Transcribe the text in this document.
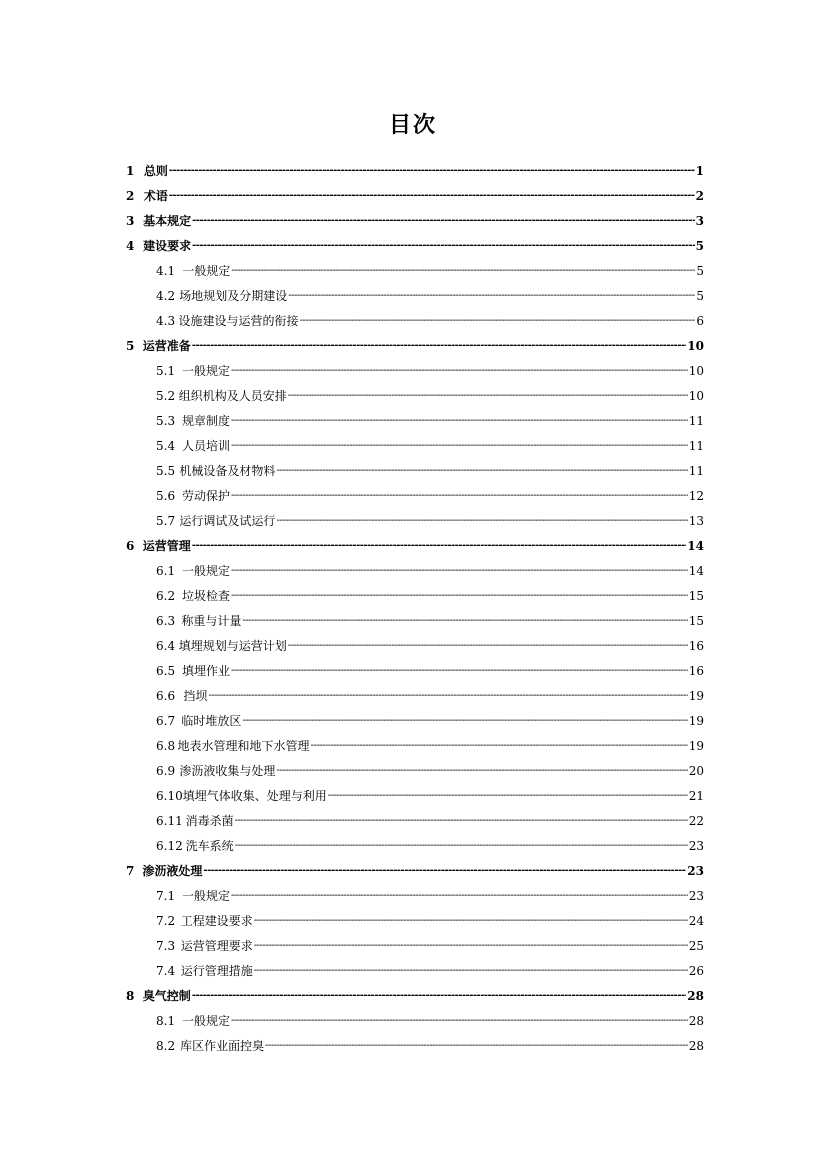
目次
1 总则 -----	1
2 术语 -----	2
3 基本规定 -----	3
4 建设要求 -----	5
4.1 一般规定 -----	5
4.2 场地规划及分期建设 -----	5
4.3 设施建设与运营的衔接 -----	6
5 运营准备 -----	10
5.1 一般规定 -----	10
5.2 组织机构及人员安排 -----	10
5.3 规章制度 -----	11
5.4 人员培训 -----	11
5.5 机械设备及材物料 -----	11
5.6 劳动保护 -----	12
5.7 运行调试及试运行 -----	13
6 运营管理 -----	14
6.1 一般规定 -----	14
6.2 垃圾检查 -----	15
6.3 称重与计量 -----	15
6.4 填埋规划与运营计划 -----	16
6.5 填埋作业 -----	16
6.6 挡坝 -----	19
6.7 临时堆放区 -----	19
6.8 地表水管理和地下水管理 -----	19
6.9 渗沥液收集与处理 -----	20
6.10 填埋气体收集、处理与利用 -----	21
6.11 消毒杀菌 -----	22
6.12 洗车系统 -----	23
7 渗沥液处理 -----	23
7.1 一般规定 -----	23
7.2 工程建设要求 -----	24
7.3 运营管理要求 -----	25
7.4 运行管理措施 -----	26
8 臭气控制 -----	28
8.1 一般规定 -----	28
8.2 库区作业面控臭 -----	28
